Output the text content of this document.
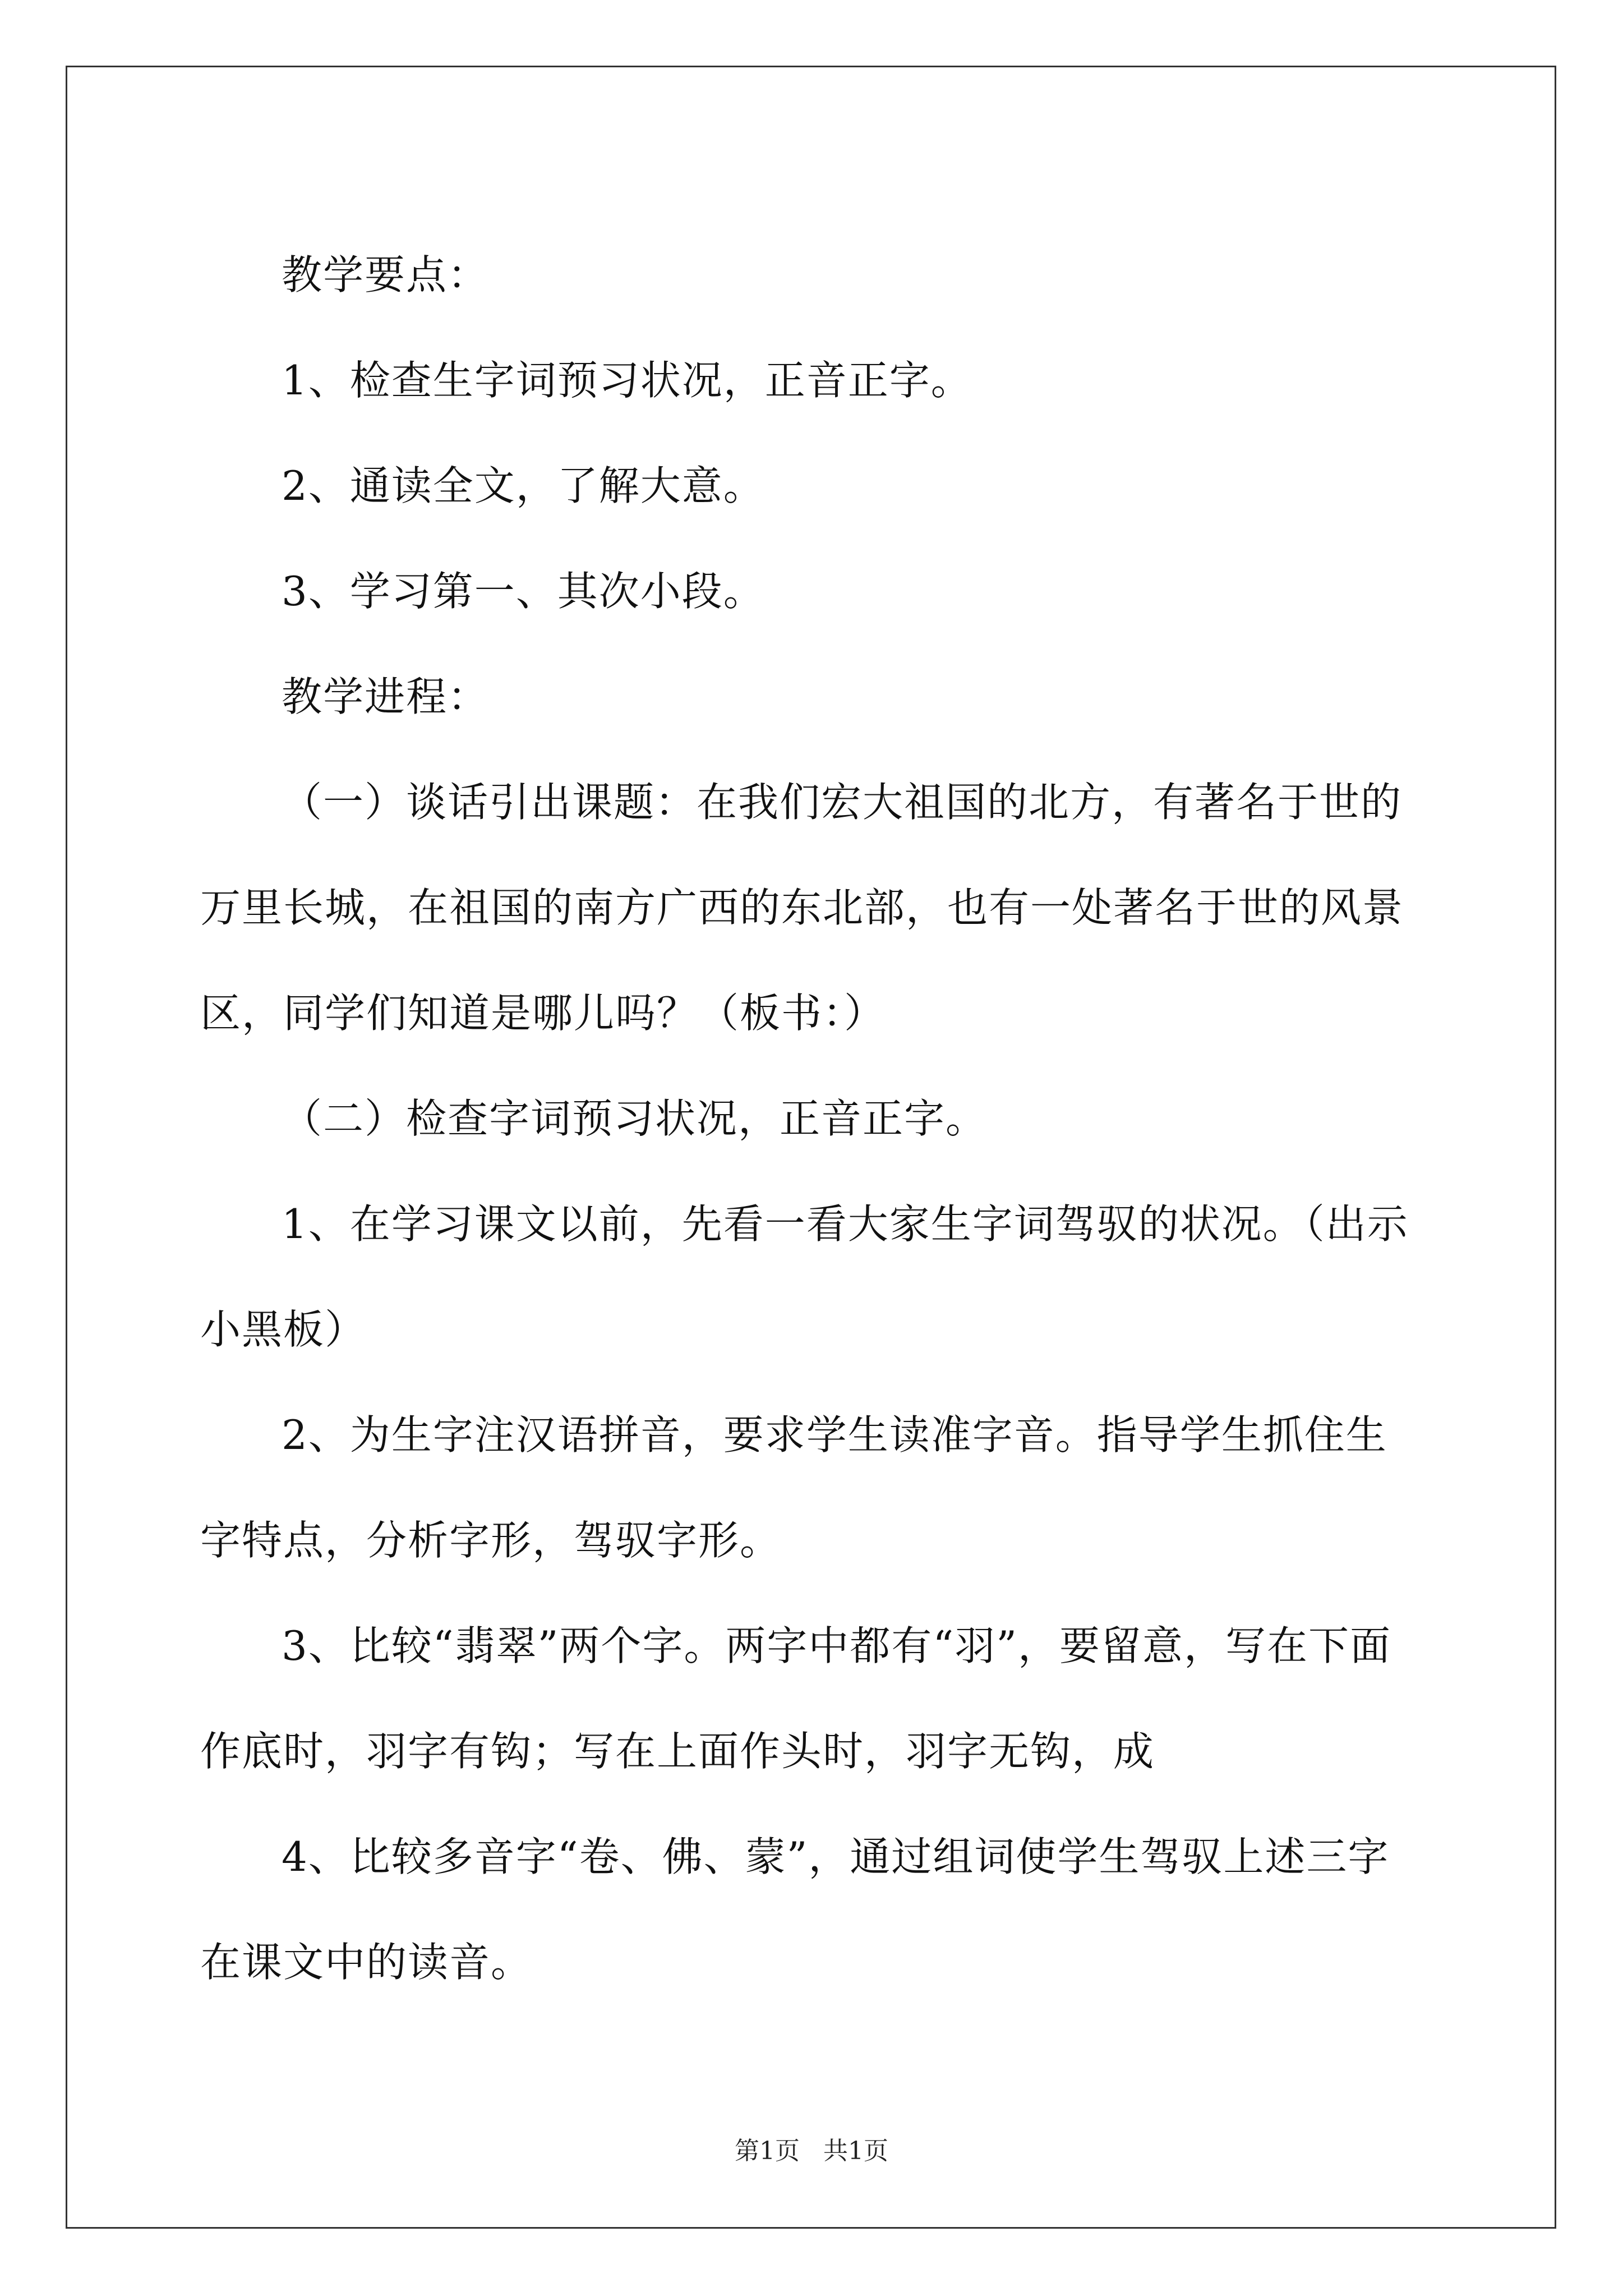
教学要点：

1、检查生字词预习状况，正音正字。

2、通读全文，了解大意。

3、学习第一、其次小段。

教学进程：

（一）谈话引出课题：在我们宏大祖国的北方，有著名于世的万里长城，在祖国的南方广西的东北部，也有一处著名于世的风景区，同学们知道是哪儿吗？（板书：）

（二）检查字词预习状况，正音正字。

1、在学习课文以前，先看一看大家生字词驾驭的状况。（出示小黑板）

2、为生字注汉语拼音，要求学生读准字音。指导学生抓住生字特点，分析字形，驾驭字形。

3、比较“翡翠”两个字。两字中都有“羽”，要留意，写在下面作底时，羽字有钩；写在上面作头时，羽字无钩，成

4、比较多音字“卷、佛、蒙”，通过组词使学生驾驭上述三字在课文中的读音。

第1页 共1页
